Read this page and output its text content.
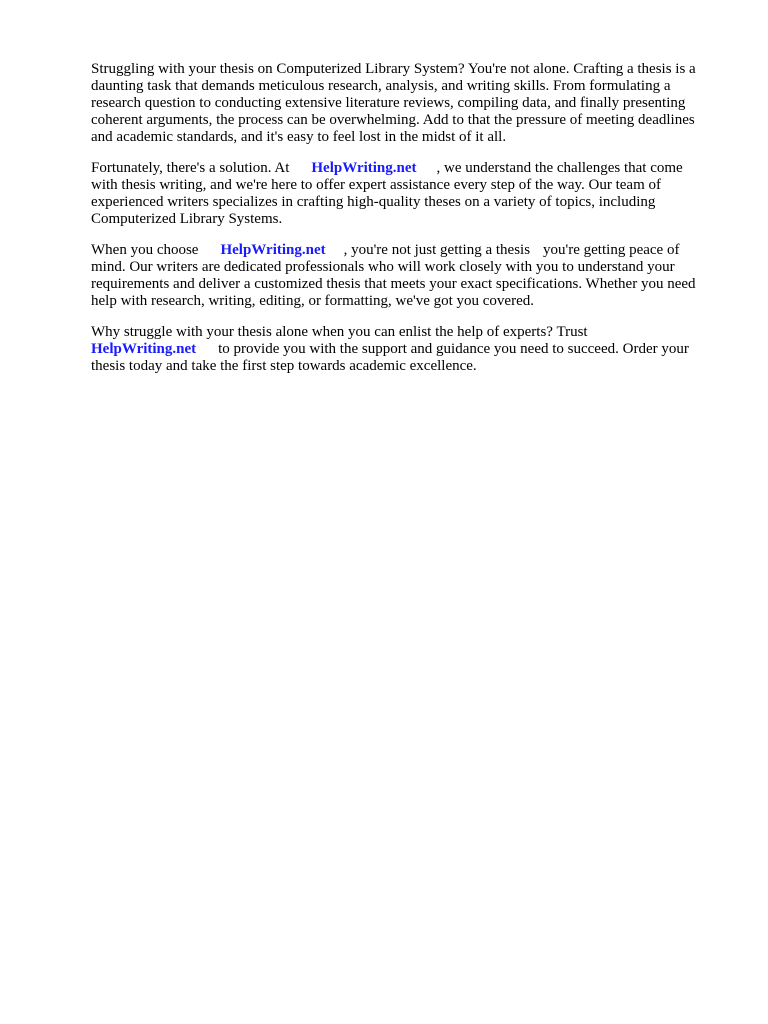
Struggling with your thesis on Computerized Library System? You're not alone. Crafting a thesis is a
daunting task that demands meticulous research, analysis, and writing skills. From formulating a
research question to conducting extensive literature reviews, compiling data, and finally presenting
coherent arguments, the process can be overwhelming. Add to that the pressure of meeting deadlines
and academic standards, and it's easy to feel lost in the midst of it all.

Fortunately, there's a solution. At HelpWriting.net , we understand the challenges that come
with thesis writing, and we're here to offer expert assistance every step of the way. Our team of
experienced writers specializes in crafting high-quality theses on a variety of topics, including
Computerized Library Systems.

When you choose HelpWriting.net , you're not just getting a thesis you're getting peace of
mind. Our writers are dedicated professionals who will work closely with you to understand your
requirements and deliver a customized thesis that meets your exact specifications. Whether you need
help with research, writing, editing, or formatting, we've got you covered.

Why struggle with your thesis alone when you can enlist the help of experts? Trust
HelpWriting.net to provide you with the support and guidance you need to succeed. Order your
thesis today and take the first step towards academic excellence.
